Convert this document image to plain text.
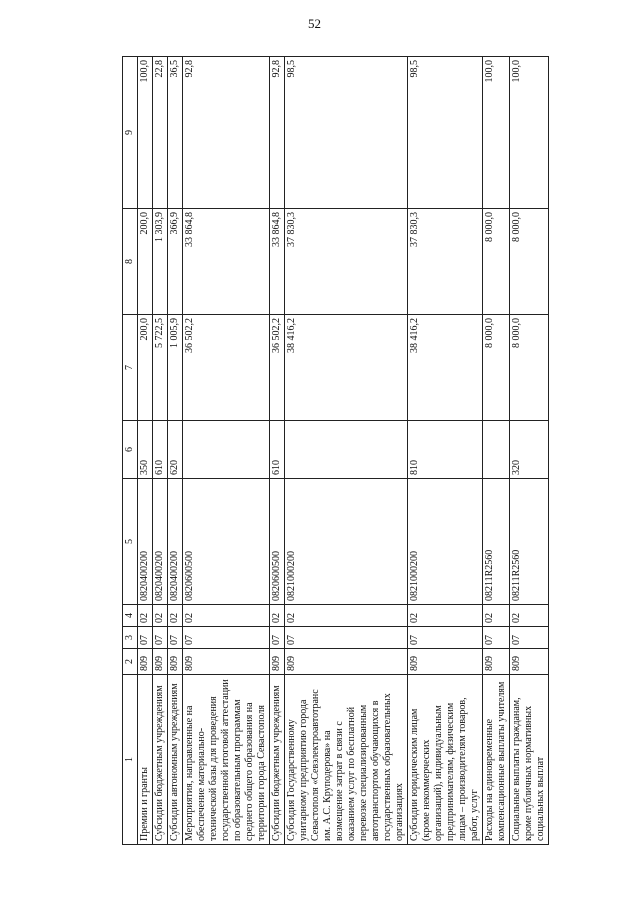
52
1	2	3	4	5	6	7	8	9
Премии и гранты	809	07	02	0820400200	350	200,0	200,0	100,0
Субсидии бюджетным учреждениям	809	07	02	0820400200	610	5 722,5	1 303,9	22,8
Субсидии автономным учреждениям	809	07	02	0820400200	620	1 005,9	366,9	36,5
Мероприятия, направленные на обеспечение материально-технической базы для проведения государственной итоговой аттестации по образовательным программам среднего общего образования на территории города Севастополя	809	07	02	0820600500		36 502,2	33 864,8	92,8
Субсидии бюджетным учреждениям	809	07	02	0820600500	610	36 502,2	33 864,8	92,8
Субсидия Государственному унитарному предприятию города Севастополя «Севэлектроавтотранс им. А.С. Круподерова» на возмещение затрат в связи с оказанием услуг по бесплатной перевозке специализированным автотранспортом обучающихся в государственных образовательных организациях	809	07	02	0821000200		38 416,2	37 830,3	98,5
Субсидии юридическим лицам (кроме некоммерческих организаций), индивидуальным предпринимателям, физическим лицам – производителям товаров, работ, услуг	809	07	02	0821000200	810	38 416,2	37 830,3	98,5
Расходы на единовременные компенсационные выплаты учителям	809	07	02	08211R2560		8 000,0	8 000,0	100,0
Социальные выплаты гражданам, кроме публичных нормативных социальных выплат	809	07	02	08211R2560	320	8 000,0	8 000,0	100,0
